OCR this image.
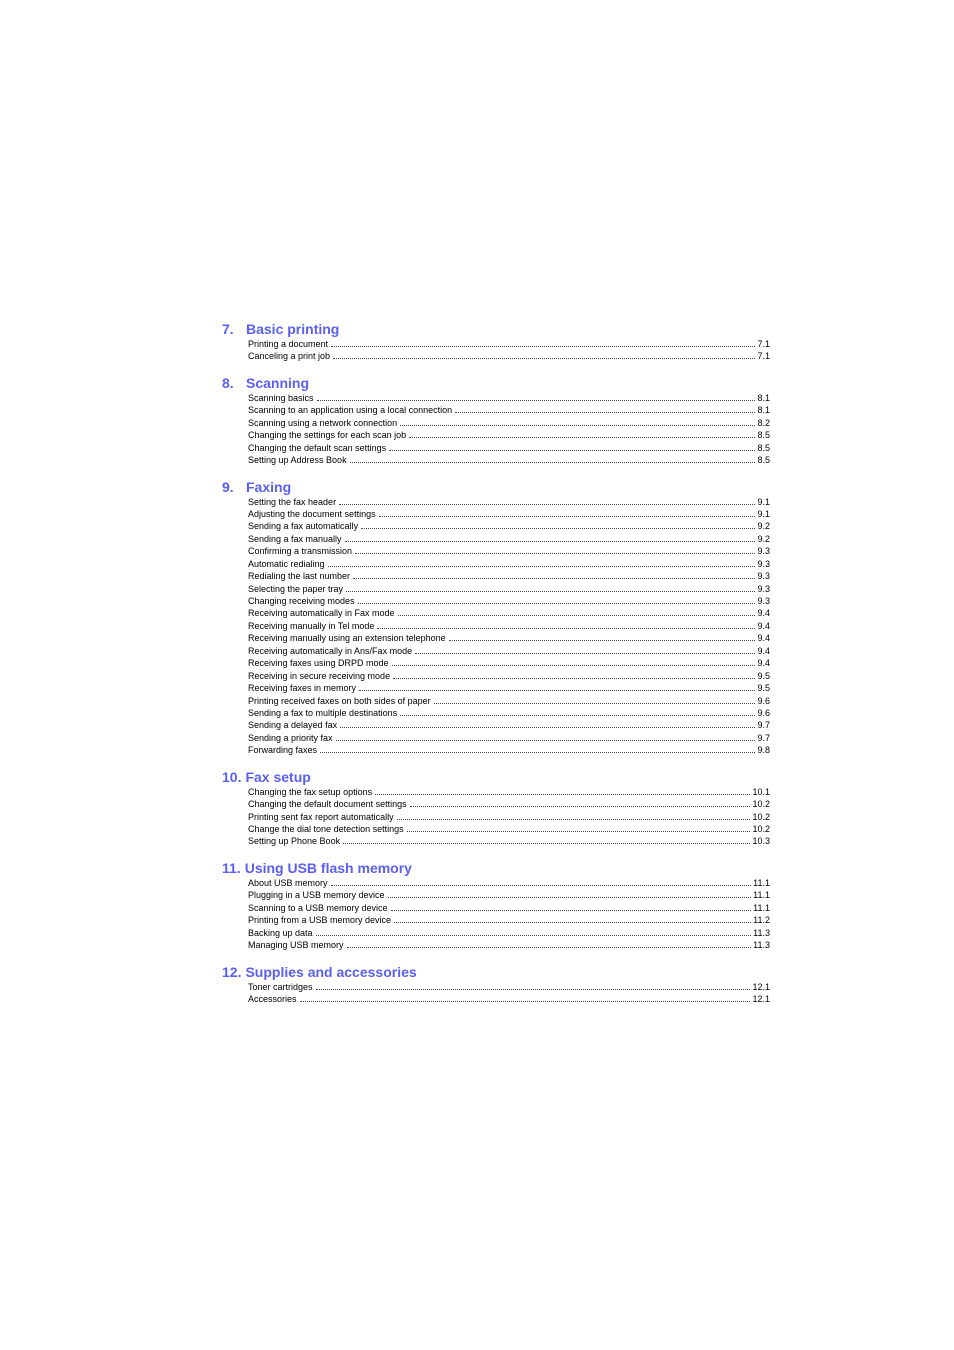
7. Basic printing
Printing a document	7.1
Canceling a print job	7.1
8. Scanning
Scanning basics	8.1
Scanning to an application using a local connection	8.1
Scanning using a network connection	8.2
Changing the settings for each scan job	8.5
Changing the default scan settings	8.5
Setting up Address Book	8.5
9. Faxing
Setting the fax header	9.1
Adjusting the document settings	9.1
Sending a fax automatically	9.2
Sending a fax manually	9.2
Confirming a transmission	9.3
Automatic redialing	9.3
Redialing the last number	9.3
Selecting the paper tray	9.3
Changing receiving modes	9.3
Receiving automatically in Fax mode	9.4
Receiving manually in Tel mode	9.4
Receiving manually using an extension telephone	9.4
Receiving automatically in Ans/Fax mode	9.4
Receiving faxes using DRPD mode	9.4
Receiving in secure receiving mode	9.5
Receiving faxes in memory	9.5
Printing received faxes on both sides of paper	9.6
Sending a fax to multiple destinations	9.6
Sending a delayed fax	9.7
Sending a priority fax	9.7
Forwarding faxes	9.8
10. Fax setup
Changing the fax setup options	10.1
Changing the default document settings	10.2
Printing sent fax report automatically	10.2
Change the dial tone detection settings	10.2
Setting up Phone Book	10.3
11. Using USB flash memory
About USB memory	11.1
Plugging in a USB memory device	11.1
Scanning to a USB memory device	11.1
Printing from a USB memory device	11.2
Backing up data	11.3
Managing USB memory	11.3
12. Supplies and accessories
Toner cartridges	12.1
Accessories	12.1
